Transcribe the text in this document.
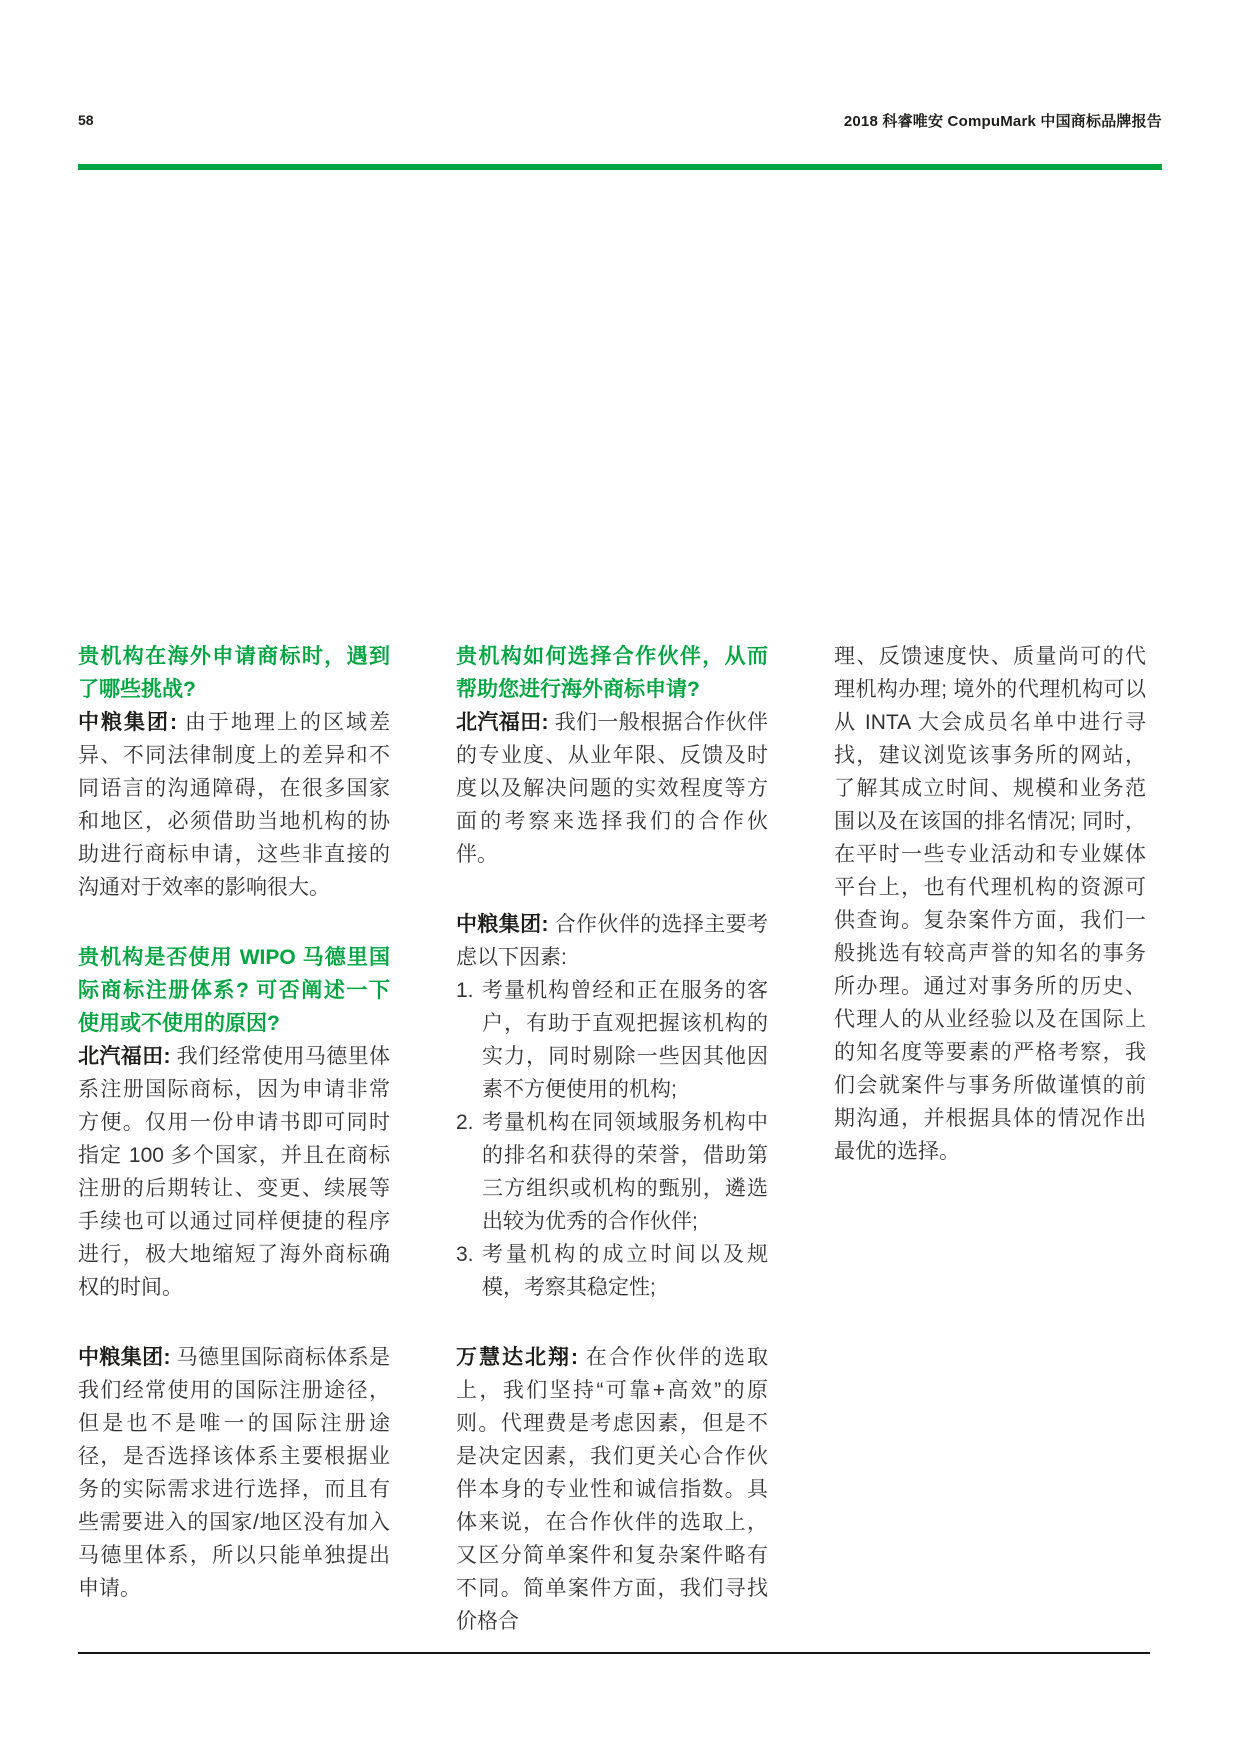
58	2018 科睿唯安 CompuMark 中国商标品牌报告
贵机构在海外申请商标时，遇到了哪些挑战?

中粮集团: 由于地理上的区域差异、不同法律制度上的差异和不同语言的沟通障碍，在很多国家和地区，必须借助当地机构的协助进行商标申请，这些非直接的沟通对于效率的影响很大。

贵机构是否使用 WIPO 马德里国际商标注册体系? 可否阐述一下使用或不使用的原因?

北汽福田: 我们经常使用马德里体系注册国际商标，因为申请非常方便。仅用一份申请书即可同时指定 100 多个国家，并且在商标注册的后期转让、变更、续展等手续也可以通过同样便捷的程序进行，极大地缩短了海外商标确权的时间。

中粮集团: 马德里国际商标体系是我们经常使用的国际注册途径，但是也不是唯一的国际注册途径，是否选择该体系主要根据业务的实际需求进行选择，而且有些需要进入的国家/地区没有加入马德里体系，所以只能单独提出申请。

贵机构如何选择合作伙伴，从而帮助您进行海外商标申请?

北汽福田: 我们一般根据合作伙伴的专业度、从业年限、反馈及时度以及解决问题的实效程度等方面的考察来选择我们的合作伙伴。

中粮集团: 合作伙伴的选择主要考虑以下因素:

1. 考量机构曾经和正在服务的客户，有助于直观把握该机构的实力，同时剔除一些因其他因素不方便使用的机构;
2. 考量机构在同领域服务机构中的排名和获得的荣誉，借助第三方组织或机构的甄别，遴选出较为优秀的合作伙伴;
3. 考量机构的成立时间以及规模，考察其稳定性;

万慧达北翔: 在合作伙伴的选取上，我们坚持“可靠+高效”的原则。代理费是考虑因素，但是不是决定因素，我们更关心合作伙伴本身的专业性和诚信指数。具体来说，在合作伙伴的选取上，又区分简单案件和复杂案件略有不同。简单案件方面，我们寻找价格合

理、反馈速度快、质量尚可的代理机构办理; 境外的代理机构可以从 INTA 大会成员名单中进行寻找，建议浏览该事务所的网站，了解其成立时间、规模和业务范围以及在该国的排名情况; 同时，在平时一些专业活动和专业媒体平台上，也有代理机构的资源可供查询。复杂案件方面，我们一般挑选有较高声誉的知名的事务所办理。通过对事务所的历史、代理人的从业经验以及在国际上的知名度等要素的严格考察，我们会就案件与事务所做谨慎的前期沟通，并根据具体的情况作出最优的选择。
